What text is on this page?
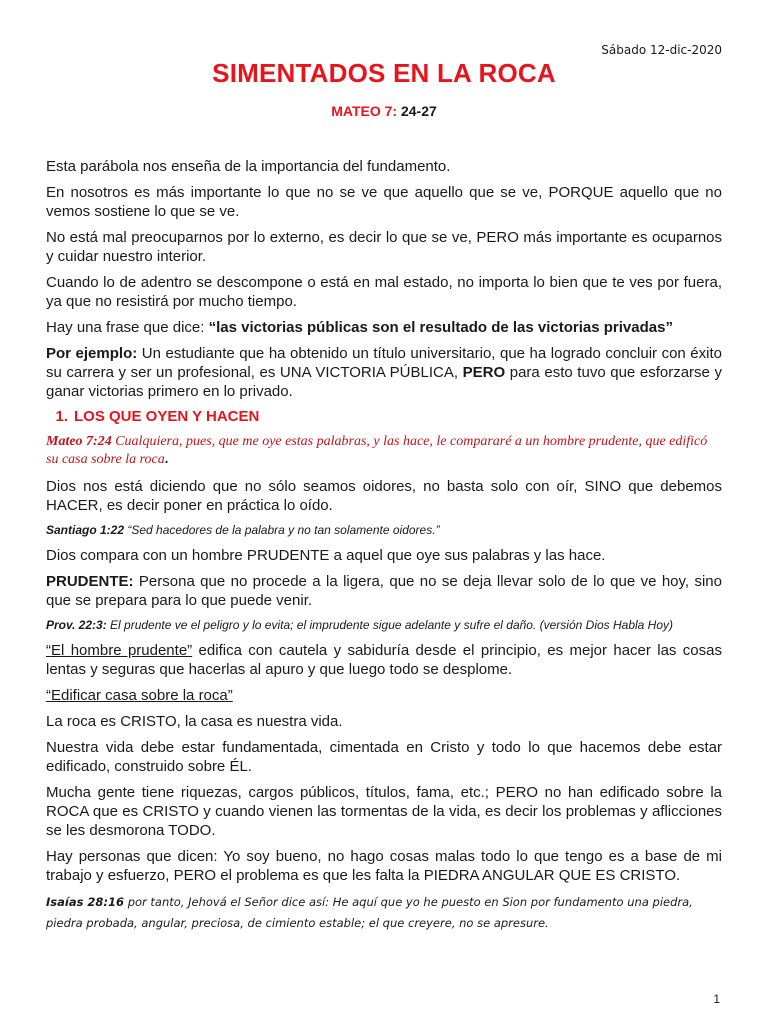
Sábado 12-dic-2020
SIMENTADOS EN LA ROCA
MATEO 7: 24-27

Esta parábola nos enseña de la importancia del fundamento.

En nosotros es más importante lo que no se ve que aquello que se ve, PORQUE aquello que no vemos sostiene lo que se ve.

No está mal preocuparnos por lo externo, es decir lo que se ve, PERO más importante es ocuparnos y cuidar nuestro interior.

Cuando lo de adentro se descompone o está en mal estado, no importa lo bien que te ves por fuera, ya que no resistirá por mucho tiempo.

Hay una frase que dice: “las victorias públicas son el resultado de las victorias privadas”

Por ejemplo: Un estudiante que ha obtenido un título universitario, que ha logrado concluir con éxito su carrera y ser un profesional, es UNA VICTORIA PÚBLICA, PERO para esto tuvo que esforzarse y ganar victorias primero en lo privado.

1. LOS QUE OYEN Y HACEN

Mateo 7:24 Cualquiera, pues, que me oye estas palabras, y las hace, le compararé a un hombre prudente, que edificó su casa sobre la roca.

Dios nos está diciendo que no sólo seamos oidores, no basta solo con oír, SINO que debemos HACER, es decir poner en práctica lo oído.

Santiago 1:22 “Sed hacedores de la palabra y no tan solamente oidores.”

Dios compara con un hombre PRUDENTE a aquel que oye sus palabras y las hace.

PRUDENTE: Persona que no procede a la ligera, que no se deja llevar solo de lo que ve hoy, sino que se prepara para lo que puede venir.

Prov. 22:3: El prudente ve el peligro y lo evita; el imprudente sigue adelante y sufre el daño. (versión Dios Habla Hoy)

“El hombre prudente” edifica con cautela y sabiduría desde el principio, es mejor hacer las cosas lentas y seguras que hacerlas al apuro y que luego todo se desplome.

“Edificar casa sobre la roca”

La roca es CRISTO, la casa es nuestra vida.

Nuestra vida debe estar fundamentada, cimentada en Cristo y todo lo que hacemos debe estar edificado, construido sobre ÉL.

Mucha gente tiene riquezas, cargos públicos, títulos, fama, etc.; PERO no han edificado sobre la ROCA que es CRISTO y cuando vienen las tormentas de la vida, es decir los problemas y aflicciones se les desmorona TODO.

Hay personas que dicen: Yo soy bueno, no hago cosas malas todo lo que tengo es a base de mi trabajo y esfuerzo, PERO el problema es que les falta la PIEDRA ANGULAR QUE ES CRISTO.

Isaías 28:16 por tanto, Jehová el Señor dice así: He aquí que yo he puesto en Sion por fundamento una piedra, piedra probada, angular, preciosa, de cimiento estable; el que creyere, no se apresure.

1
